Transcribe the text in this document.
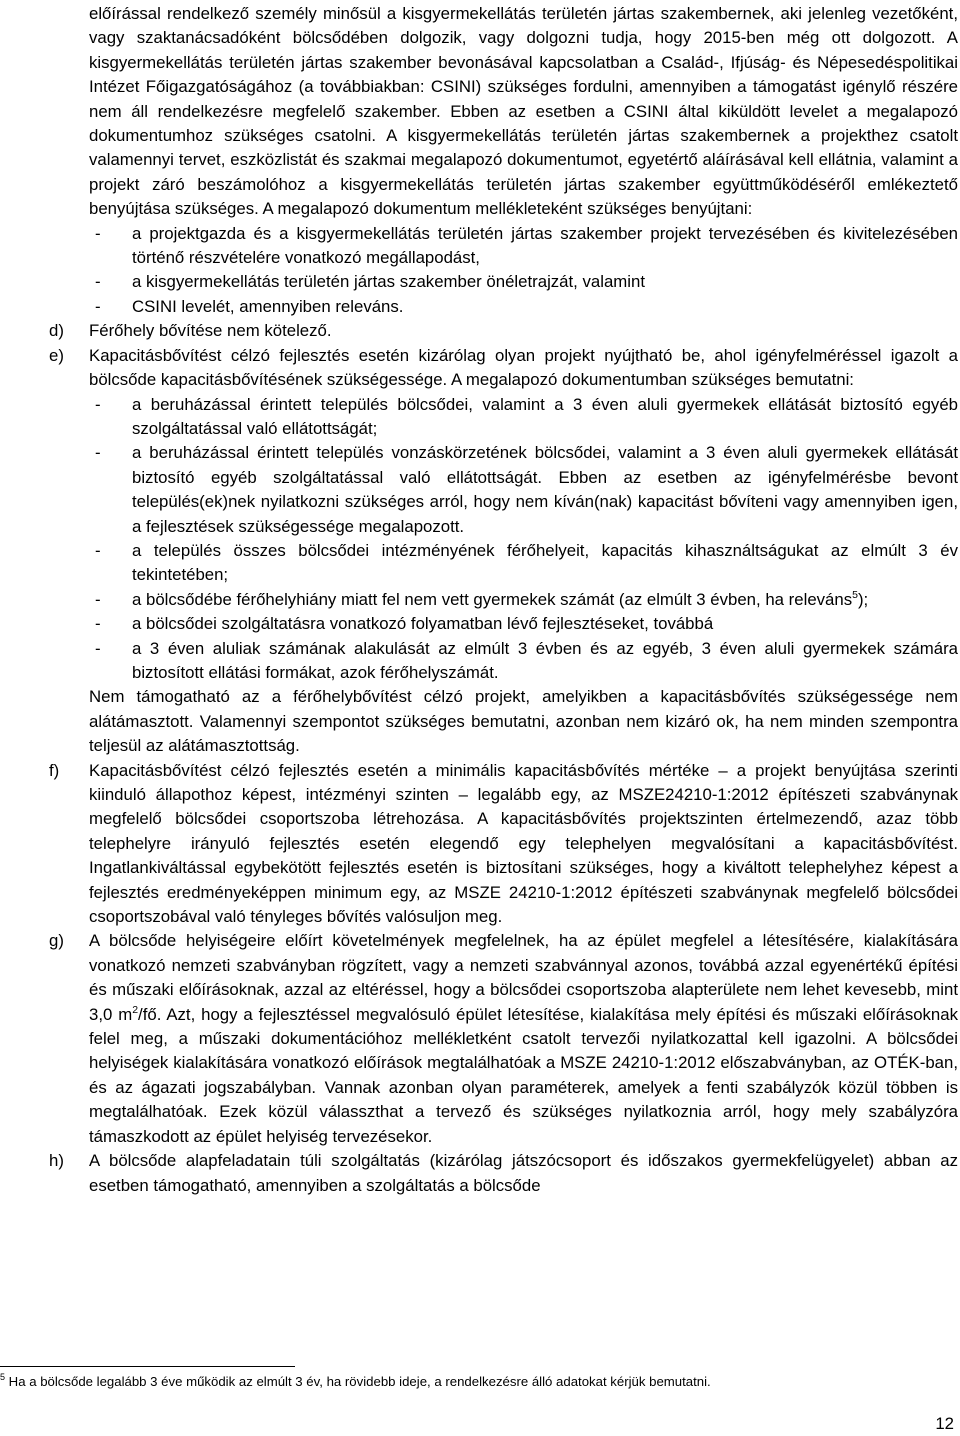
előírással rendelkező személy minősül a kisgyermekellátás területén jártas szakembernek, aki jelenleg vezetőként, vagy szaktanácsadóként bölcsődében dolgozik, vagy dolgozni tudja, hogy 2015-ben még ott dolgozott. A kisgyermekellátás területén jártas szakember bevonásával kapcsolatban a Család-, Ifjúság- és Népesedéspolitikai Intézet Főigazgatóságához (a továbbiakban: CSINI) szükséges fordulni, amennyiben a támogatást igénylő részére nem áll rendelkezésre megfelelő szakember. Ebben az esetben a CSINI által kiküldött levelet a megalapozó dokumentumhoz szükséges csatolni. A kisgyermekellátás területén jártas szakembernek a projekthez csatolt valamennyi tervet, eszközlistát és szakmai megalapozó dokumentumot, egyetértő aláírásával kell ellátnia, valamint a projekt záró beszámolóhoz a kisgyermekellátás területén jártas szakember együttműködéséről emlékeztető benyújtása szükséges. A megalapozó dokumentum mellékleteként szükséges benyújtani:

- a projektgazda és a kisgyermekellátás területén jártas szakember projekt tervezésében és kivitelezésében történő részvételére vonatkozó megállapodást,
- a kisgyermekellátás területén jártas szakember önéletrajzát, valamint
- CSINI levelét, amennyiben releváns.
d) Férőhely bővítése nem kötelező.

e) Kapacitásbővítést célzó fejlesztés esetén kizárólag olyan projekt nyújtható be, ahol igényfelméréssel igazolt a bölcsőde kapacitásbővítésének szükségessége. A megalapozó dokumentumban szükséges bemutatni:

- a beruházással érintett település bölcsődei, valamint a 3 éven aluli gyermekek ellátását biztosító egyéb szolgáltatással való ellátottságát;
- a beruházással érintett település vonzáskörzetének bölcsődei, valamint a 3 éven aluli gyermekek ellátását biztosító egyéb szolgáltatással való ellátottságát. Ebben az esetben az igényfelmérésbe bevont település(ek)nek nyilatkozni szükséges arról, hogy nem kíván(nak) kapacitást bővíteni vagy amennyiben igen, a fejlesztések szükségessége megalapozott.
- a település összes bölcsődei intézményének férőhelyeit, kapacitás kihasználtságukat az elmúlt 3 év tekintetében;
- a bölcsődébe férőhelyhiány miatt fel nem vett gyermekek számát (az elmúlt 3 évben, ha releváns$^5$);
- a bölcsődei szolgáltatásra vonatkozó folyamatban lévő fejlesztéseket, továbbá
- a 3 éven aluliak számának alakulását az elmúlt 3 évben és az egyéb, 3 éven aluli gyermekek számára biztosított ellátási formákat, azok férőhelyszámát.

Nem támogatható az a férőhelybővítést célzó projekt, amelyikben a kapacitásbővítés szükségessége nem alátámasztott. Valamennyi szempontot szükséges bemutatni, azonban nem kizáró ok, ha nem minden szempontra teljesül az alátámasztottság.

f) Kapacitásbővítést célzó fejlesztés esetén a minimális kapacitásbővítés mértéke – a projekt benyújtása szerinti kiinduló állapothoz képest, intézményi szinten – legalább egy, az MSZE24210-1:2012 építészeti szabványnak megfelelő bölcsődei csoportszoba létrehozása. A kapacitásbővítés projektszinten értelmezendő, azaz több telephelyre irányuló fejlesztés esetén elegendő egy telephelyen megvalósítani a kapacitásbővítést. Ingatlankiváltással egybekötött fejlesztés esetén is biztosítani szükséges, hogy a kiváltott telephelyhez képest a fejlesztés eredményeképpen minimum egy, az MSZE 24210-1:2012 építészeti szabványnak megfelelő bölcsődei csoportszobával való tényleges bővítés valósuljon meg.

g) A bölcsőde helyiségeire előírt követelmények megfelelnek, ha az épület megfelel a létesítésére, kialakítására vonatkozó nemzeti szabványban rögzített, vagy a nemzeti szabvánnyal azonos, továbbá azzal egyenértékű építési és műszaki előírásoknak, azzal az eltéréssel, hogy a bölcsődei csoportszoba alapterülete nem lehet kevesebb, mint 3,0 $m^2/fő$. Azt, hogy a fejlesztéssel megvalósuló épület létesítése, kialakítása mely építési és műszaki előírásoknak felel meg, a műszaki dokumentációhoz mellékletként csatolt tervezői nyilatkozattal kell igazolni. A bölcsődei helyiségek kialakítására vonatkozó előírások megtalálhatóak a MSZE 24210-1:2012 előszabványban, az OTÉK-ban, és az ágazati jogszabályban. Vannak azonban olyan paraméterek, amelyek a fenti szabályzók közül többen is megtalálhatóak. Ezek közül válasszthat a tervező és szükséges nyilatkoznia arról, hogy mely szabályzóra támaszkodott az épület helyiség tervezésekor.

h) A bölcsőde alapfeladatain túli szolgáltatás (kizárólag játszócsoport és időszakos gyermekfelügyelet) abban az esetben támogatható, amennyiben a szolgáltatás a bölcsőde

$^5$ Ha a bölcsőde legalább 3 éve működik az elmúlt 3 év, ha rövidebb ideje, a rendelkezésre álló adatokat kérjük bemutatni.
12
